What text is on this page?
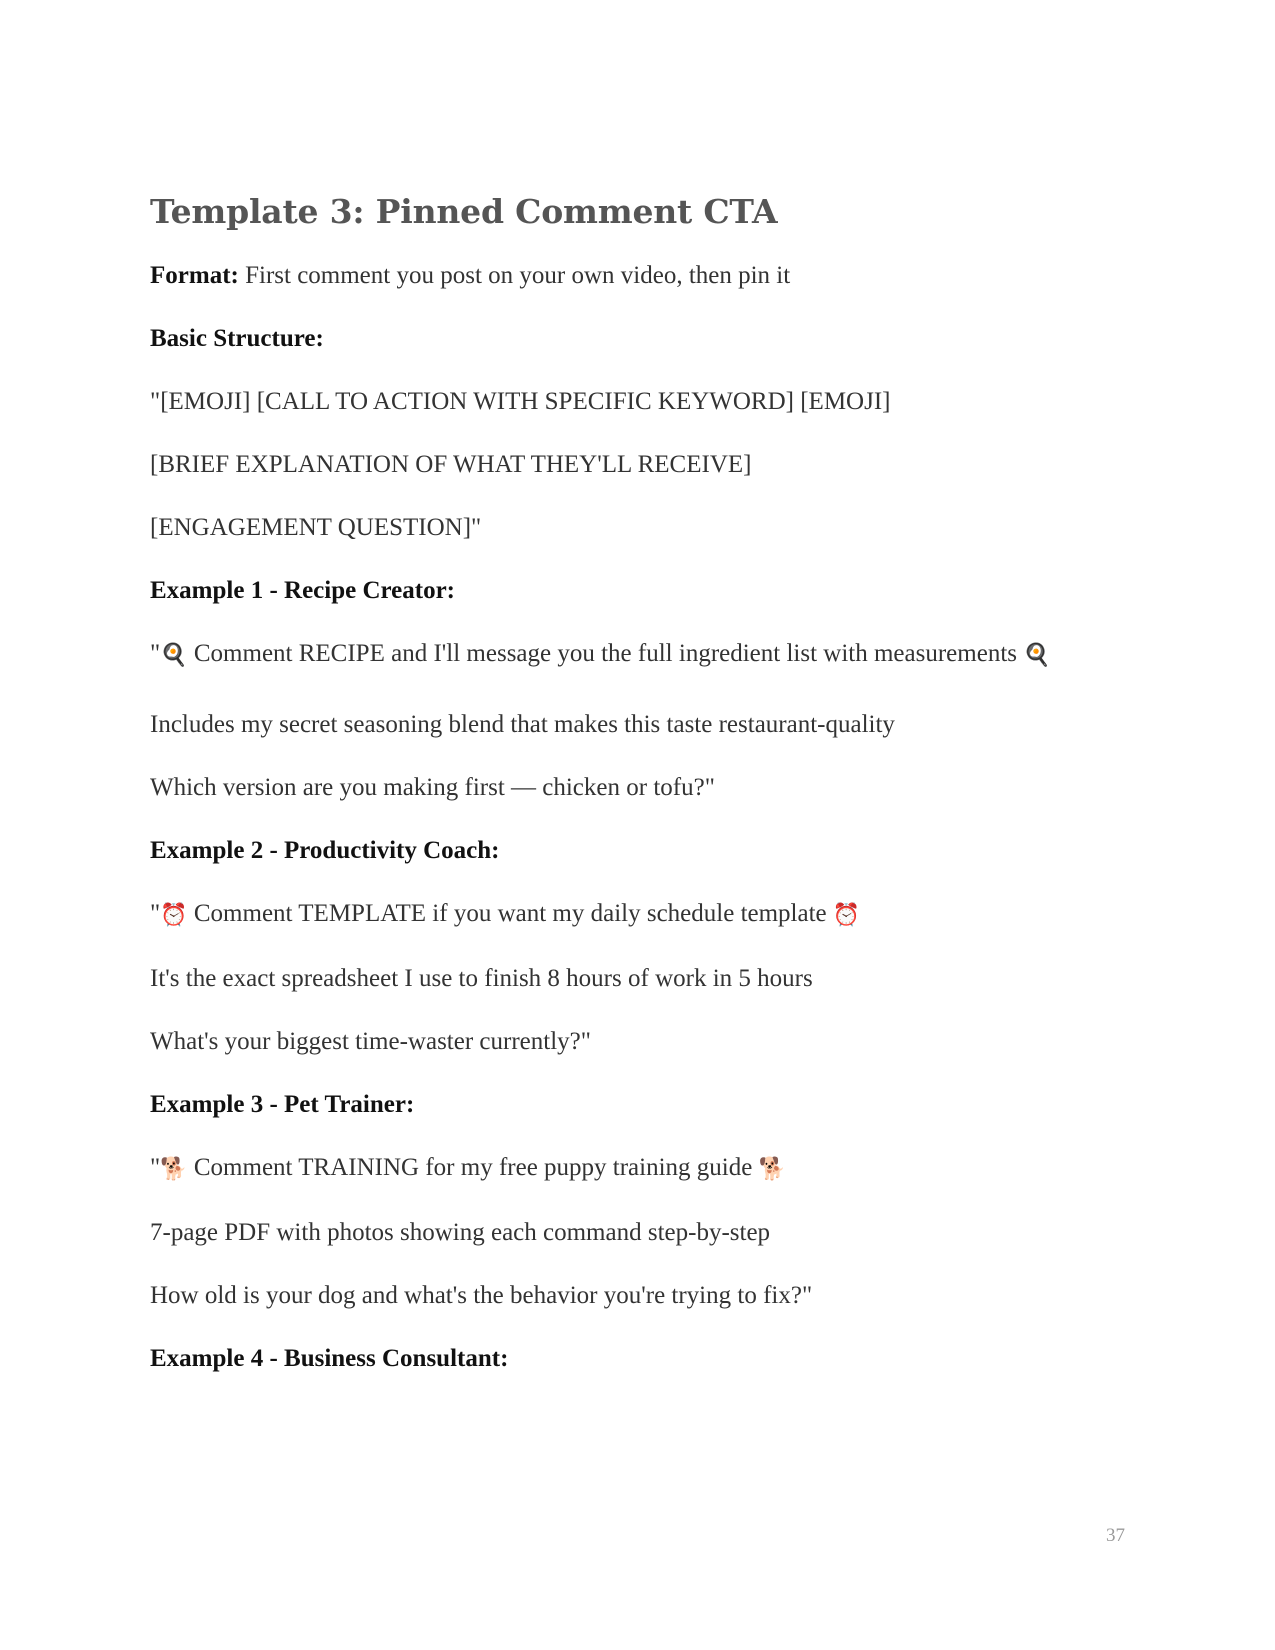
Template 3: Pinned Comment CTA

Format: First comment you post on your own video, then pin it

Basic Structure:

"[EMOJI] [CALL TO ACTION WITH SPECIFIC KEYWORD] [EMOJI]

[BRIEF EXPLANATION OF WHAT THEY'LL RECEIVE]

[ENGAGEMENT QUESTION]"

Example 1 - Recipe Creator:

"🍳 Comment RECIPE and I'll message you the full ingredient list with measurements 🍳

Includes my secret seasoning blend that makes this taste restaurant-quality

Which version are you making first — chicken or tofu?"

Example 2 - Productivity Coach:

"⏰ Comment TEMPLATE if you want my daily schedule template ⏰

It's the exact spreadsheet I use to finish 8 hours of work in 5 hours

What's your biggest time-waster currently?"

Example 3 - Pet Trainer:

"🐕 Comment TRAINING for my free puppy training guide 🐕

7-page PDF with photos showing each command step-by-step

How old is your dog and what's the behavior you're trying to fix?"

Example 4 - Business Consultant:

37
